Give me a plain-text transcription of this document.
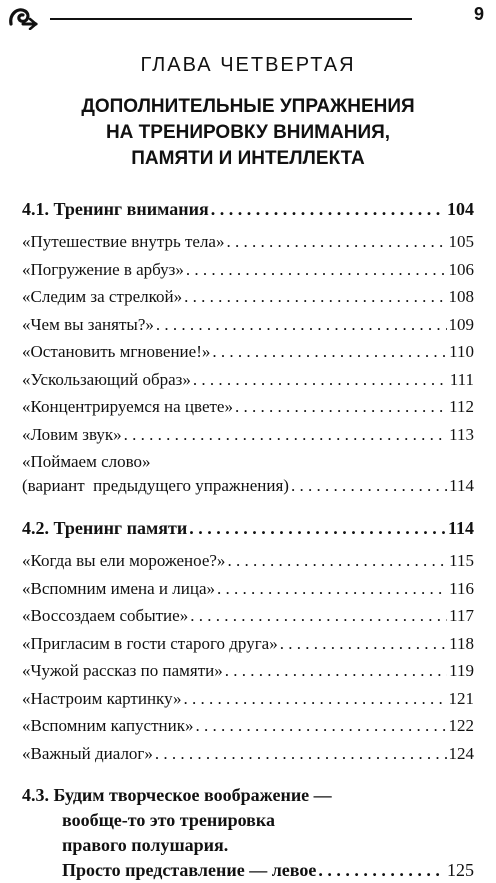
9
ГЛАВА ЧЕТВЕРТАЯ
ДОПОЛНИТЕЛЬНЫЕ УПРАЖНЕНИЯ
НА ТРЕНИРОВКУ ВНИМАНИЯ,
ПАМЯТИ И ИНТЕЛЛЕКТА
4.1. Тренинг внимания . . .	104
«Путешествие внутрь тела» . . .	105
«Погружение в арбуз» . . .	106
«Следим за стрелкой» . . .	108
«Чем вы заняты?» . . .	109
«Остановить мгновение!» . . .	110
«Ускользающий образ» . . .	111
«Концентрируемся на цвете» . . .	112
«Ловим звук» . . .	113
«Поймаем слово»
(вариант  предыдущего упражнения) . . .	114
4.2. Тренинг памяти . . .	114
«Когда вы ели мороженое?» . . .	115
«Вспомним имена и лица» . . .	116
«Воссоздаем событие» . . .	117
«Пригласим в гости старого друга» . . .	118
«Чужой рассказ по памяти» . . .	119
«Настроим картинку» . . .	121
«Вспомним капустник» . . .	122
«Важный диалог» . . .	124
4.3. Будим творческое воображение —
вообще-то это тренировка
правого полушария.
Просто представление — левое . . .	125
